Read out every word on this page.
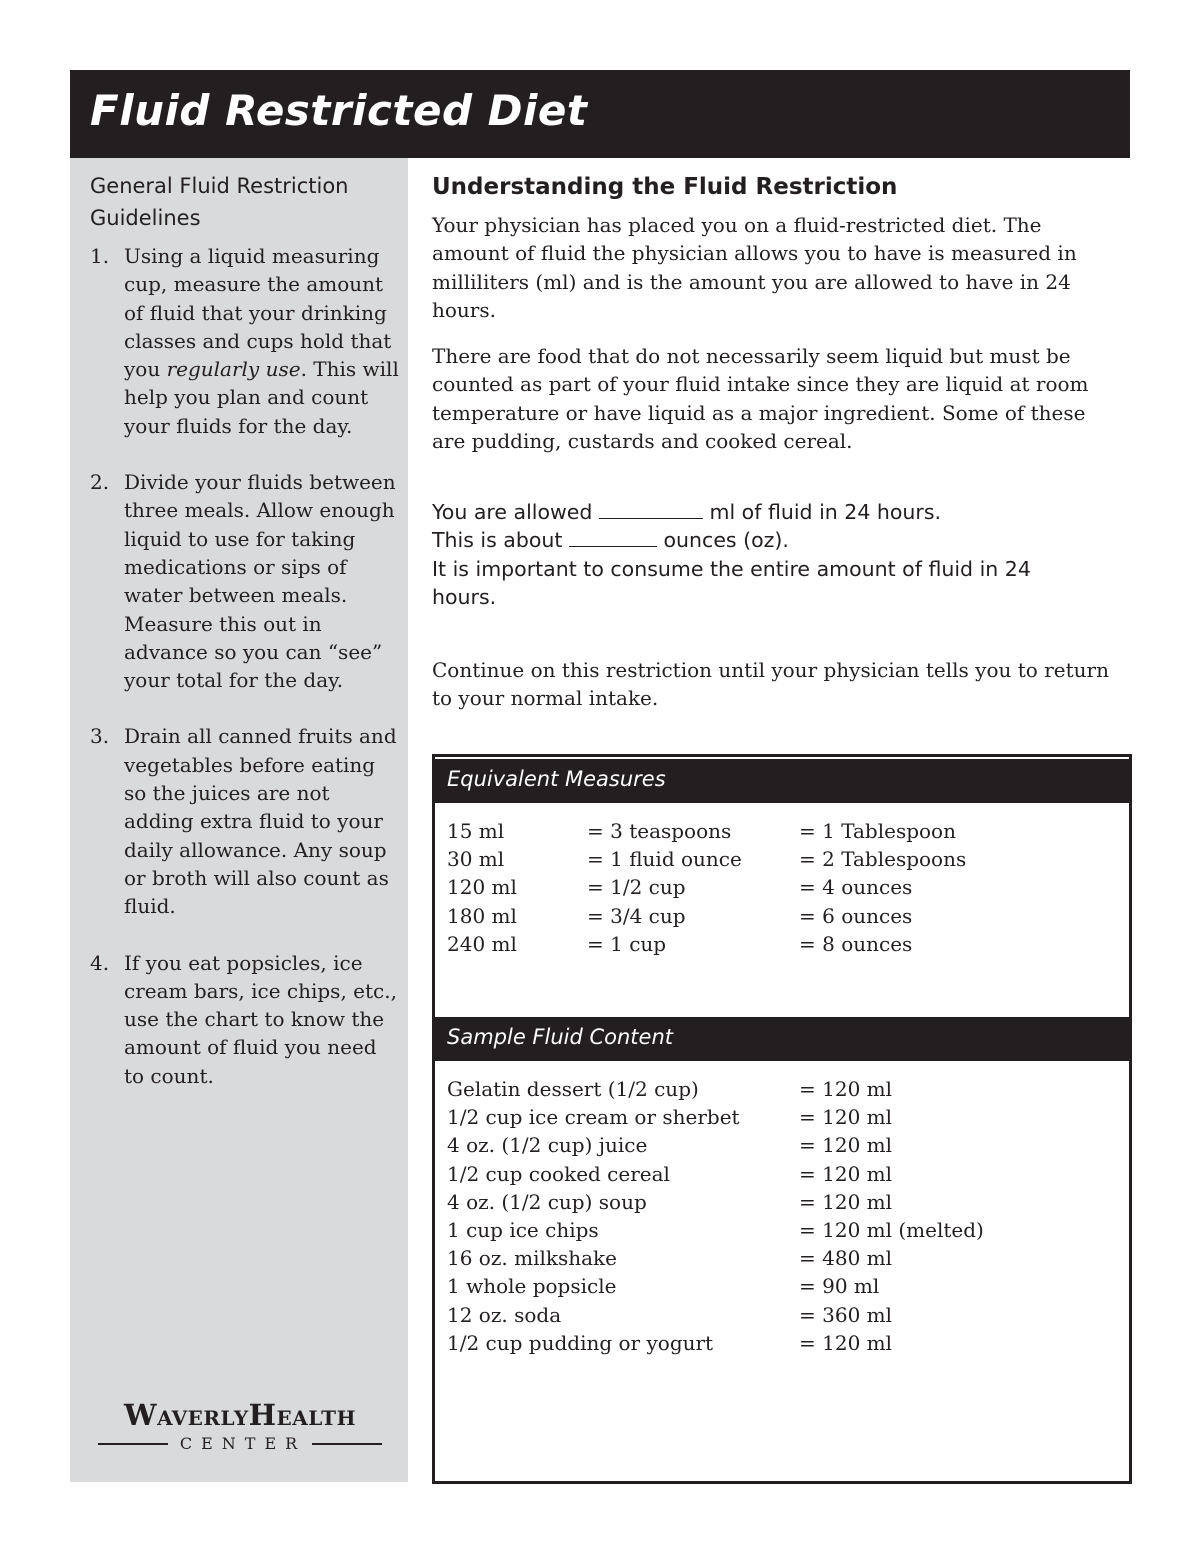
Fluid Restricted Diet
General Fluid Restriction Guidelines
1. Using a liquid measuring cup, measure the amount of fluid that your drinking classes and cups hold that you regularly use. This will help you plan and count your fluids for the day.
2. Divide your fluids between three meals. Allow enough liquid to use for taking medications or sips of water between meals. Measure this out in advance so you can “see” your total for the day.
3. Drain all canned fruits and vegetables before eating so the juices are not adding extra fluid to your daily allowance. Any soup or broth will also count as fluid.
4. If you eat popsicles, ice cream bars, ice chips, etc., use the chart to know the amount of fluid you need to count.
WaverlyHealth
CENTER
Understanding the Fluid Restriction

Your physician has placed you on a fluid-restricted diet. The amount of fluid the physician allows you to have is measured in milliliters (ml) and is the amount you are allowed to have in 24 hours.

There are food that do not necessarily seem liquid but must be counted as part of your fluid intake since they are liquid at room temperature or have liquid as a major ingredient. Some of these are pudding, custards and cooked cereal.

You are allowed	ml of fluid in 24 hours.
This is about	ounces (oz).
It is important to consume the entire amount of fluid in 24 hours.

Continue on this restriction until your physician tells you to return to your normal intake.

Equivalent Measures
15 ml	= 3 teaspoons	= 1 Tablespoon
30 ml	= 1 fluid ounce	= 2 Tablespoons
120 ml	= 1/2 cup	= 4 ounces
180 ml	= 3/4 cup	= 6 ounces
240 ml	= 1 cup	= 8 ounces
Sample Fluid Content
Gelatin dessert (1/2 cup)	= 120 ml
1/2 cup ice cream or sherbet	= 120 ml
4 oz. (1/2 cup) juice	= 120 ml
1/2 cup cooked cereal	= 120 ml
4 oz. (1/2 cup) soup	= 120 ml
1 cup ice chips	= 120 ml (melted)
16 oz. milkshake	= 480 ml
1 whole popsicle	= 90 ml
12 oz. soda	= 360 ml
1/2 cup pudding or yogurt	= 120 ml
